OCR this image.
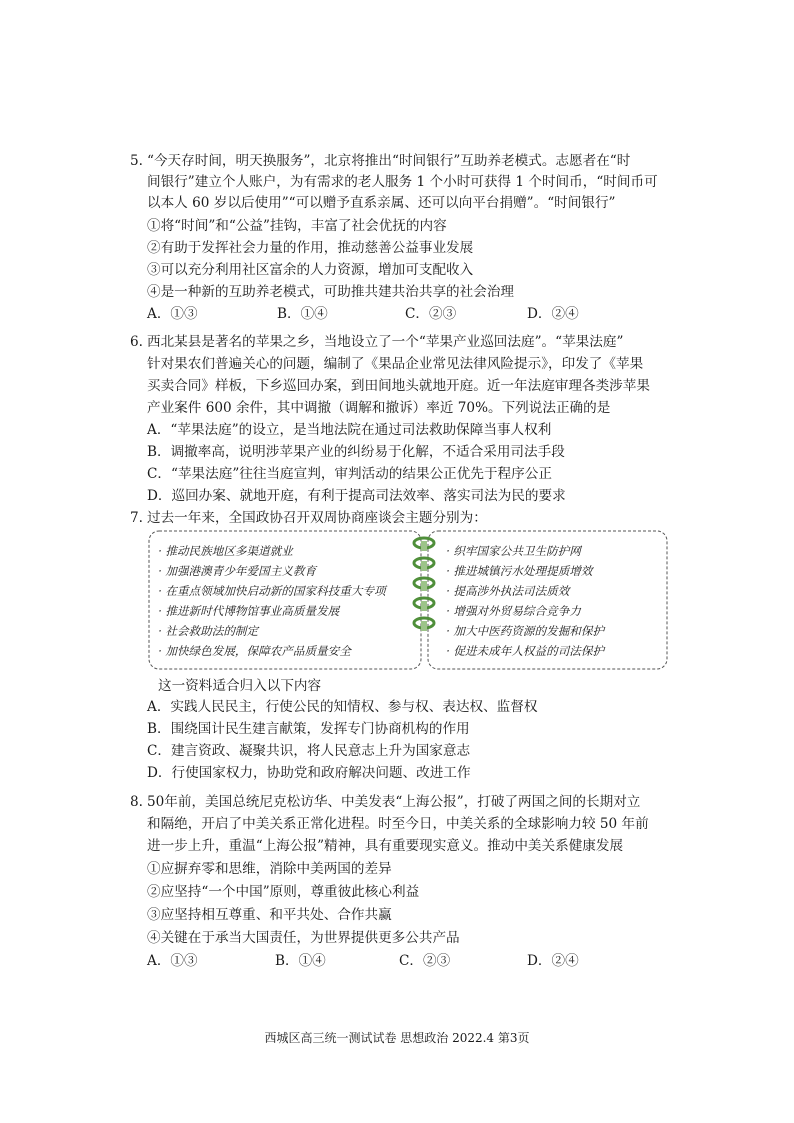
5. “今天存时间，明天换服务”，北京将推出“时间银行”互助养老模式。志愿者在“时
间银行”建立个人账户，为有需求的老人服务 1 个小时可获得 1 个时间币，“时间币可
以本人 60 岁以后使用”“可以赠予直系亲属、还可以向平台捐赠”。“时间银行”
①将“时间”和“公益”挂钩，丰富了社会优抚的内容
②有助于发挥社会力量的作用，推动慈善公益事业发展
③可以充分利用社区富余的人力资源，增加可支配收入
④是一种新的互助养老模式，可助推共建共治共享的社会治理
A．①③	B．①④	C．②③	D．②④
6. 西北某县是著名的苹果之乡，当地设立了一个“苹果产业巡回法庭”。“苹果法庭”
针对果农们普遍关心的问题，编制了《果品企业常见法律风险提示》，印发了《苹果
买卖合同》样板，下乡巡回办案，到田间地头就地开庭。近一年法庭审理各类涉苹果
产业案件 600 余件，其中调撤（调解和撤诉）率近 70%。下列说法正确的是
A．“苹果法庭”的设立，是当地法院在通过司法救助保障当事人权利
B．调撤率高，说明涉苹果产业的纠纷易于化解，不适合采用司法手段
C．“苹果法庭”往往当庭宣判，审判活动的结果公正优先于程序公正
D．巡回办案、就地开庭，有利于提高司法效率、落实司法为民的要求
7. 过去一年来，全国政协召开双周协商座谈会主题分别为：
· 推动民族地区多渠道就业
· 加强港澳青少年爱国主义教育
· 在重点领域加快启动新的国家科技重大专项
· 推进新时代博物馆事业高质量发展
· 社会救助法的制定
· 加快绿色发展，保障农产品质量安全
· 织牢国家公共卫生防护网
· 推进城镇污水处理提质增效
· 提高涉外执法司法质效
· 增强对外贸易综合竞争力
· 加大中医药资源的发掘和保护
· 促进未成年人权益的司法保护
这一资料适合归入以下内容
A．实践人民民主，行使公民的知情权、参与权、表达权、监督权
B．围绕国计民生建言献策，发挥专门协商机构的作用
C．建言资政、凝聚共识，将人民意志上升为国家意志
D．行使国家权力，协助党和政府解决问题、改进工作
8. 50年前，美国总统尼克松访华、中美发表“上海公报”，打破了两国之间的长期对立
和隔绝，开启了中美关系正常化进程。时至今日，中美关系的全球影响力较 50 年前
进一步上升，重温“上海公报”精神，具有重要现实意义。推动中美关系健康发展
①应摒弃零和思维，消除中美两国的差异
②应坚持“一个中国”原则，尊重彼此核心利益
③应坚持相互尊重、和平共处、合作共赢
④关键在于承当大国责任，为世界提供更多公共产品
A．①③	B．①④	C．②③	D．②④
西城区高三统一测试试卷 思想政治 2022.4 第3页
